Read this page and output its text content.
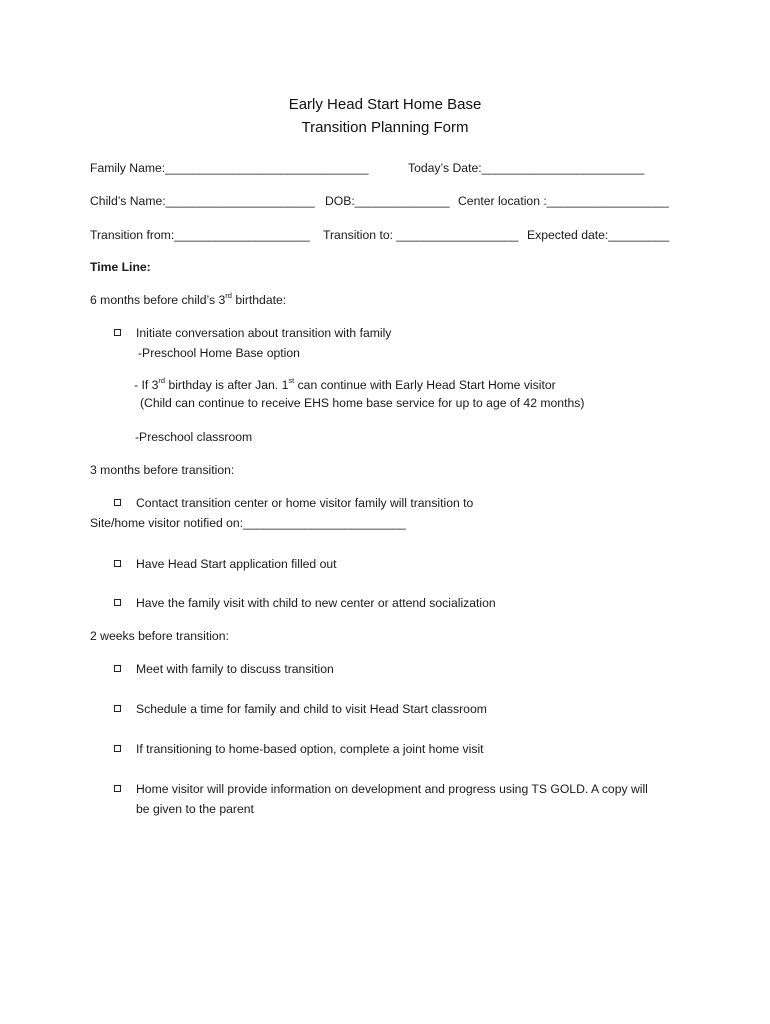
Early Head Start Home Base
Transition Planning Form
Family Name:______________________________	Today’s Date:________________________
Child’s Name:______________________ DOB:______________ Center location :__________________
Transition from:____________________ Transition to: __________________ Expected date:_________
Time Line:
6 months before child’s 3rd birthdate:
Initiate conversation about transition with family
-Preschool Home Base option
- If 3rd birthday is after Jan. 1st can continue with Early Head Start Home visitor
(Child can continue to receive EHS home base service for up to age of 42 months)
-Preschool classroom
3 months before transition:
Contact transition center or home visitor family will transition to
Site/home visitor notified on:________________________
Have Head Start application filled out
Have the family visit with child to new center or attend socialization
2 weeks before transition:
Meet with family to discuss transition
Schedule a time for family and child to visit Head Start classroom
If transitioning to home-based option, complete a joint home visit
Home visitor will provide information on development and progress using TS GOLD. A copy will
be given to the parent
